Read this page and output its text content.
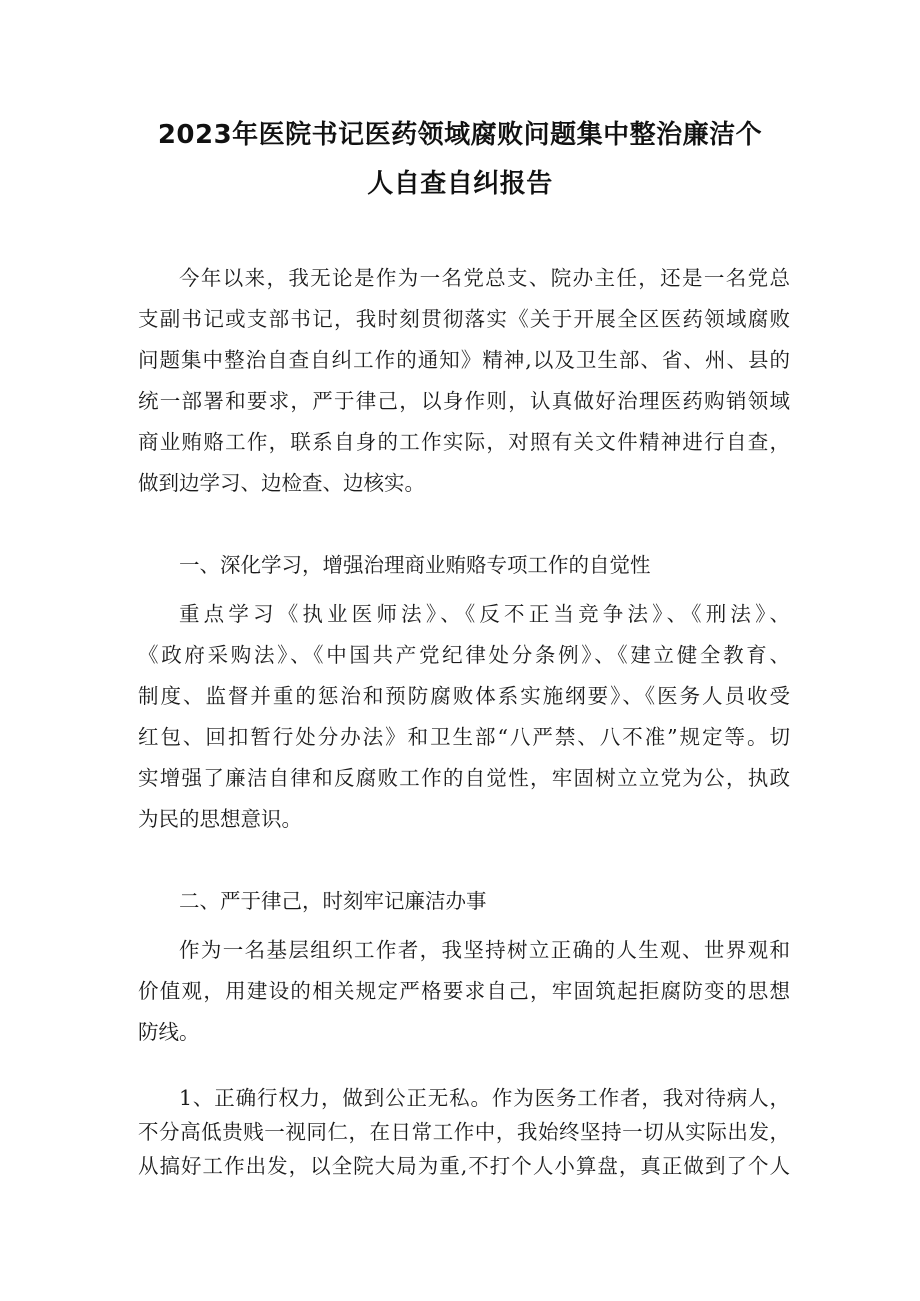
2023年医院书记医药领域腐败问题集中整治廉洁个
人自查自纠报告
今年以来，我无论是作为一名党总支、院办主任，还是一名党总
支副书记或支部书记，我时刻贯彻落实《关于开展全区医药领域腐败
问题集中整治自查自纠工作的通知》精神,以及卫生部、省、州、县的
统一部署和要求，严于律己，以身作则，认真做好治理医药购销领域
商业贿赂工作，联系自身的工作实际，对照有关文件精神进行自查，
做到边学习、边检查、边核实。
一、深化学习，增强治理商业贿赂专项工作的自觉性
重点学习《执业医师法》、《反不正当竞争法》、《刑法》、
《政府采购法》、《中国共产党纪律处分条例》、《建立健全教育、
制度、监督并重的惩治和预防腐败体系实施纲要》、《医务人员收受
红包、回扣暂行处分办法》和卫生部“八严禁、八不准”规定等。切
实增强了廉洁自律和反腐败工作的自觉性，牢固树立立党为公，执政
为民的思想意识。
二、严于律己，时刻牢记廉洁办事
作为一名基层组织工作者，我坚持树立正确的人生观、世界观和
价值观，用建设的相关规定严格要求自己，牢固筑起拒腐防变的思想
防线。
1、正确行权力，做到公正无私。作为医务工作者，我对待病人，
不分高低贵贱一视同仁，在日常工作中，我始终坚持一切从实际出发，
从搞好工作出发，以全院大局为重,不打个人小算盘，真正做到了个人
